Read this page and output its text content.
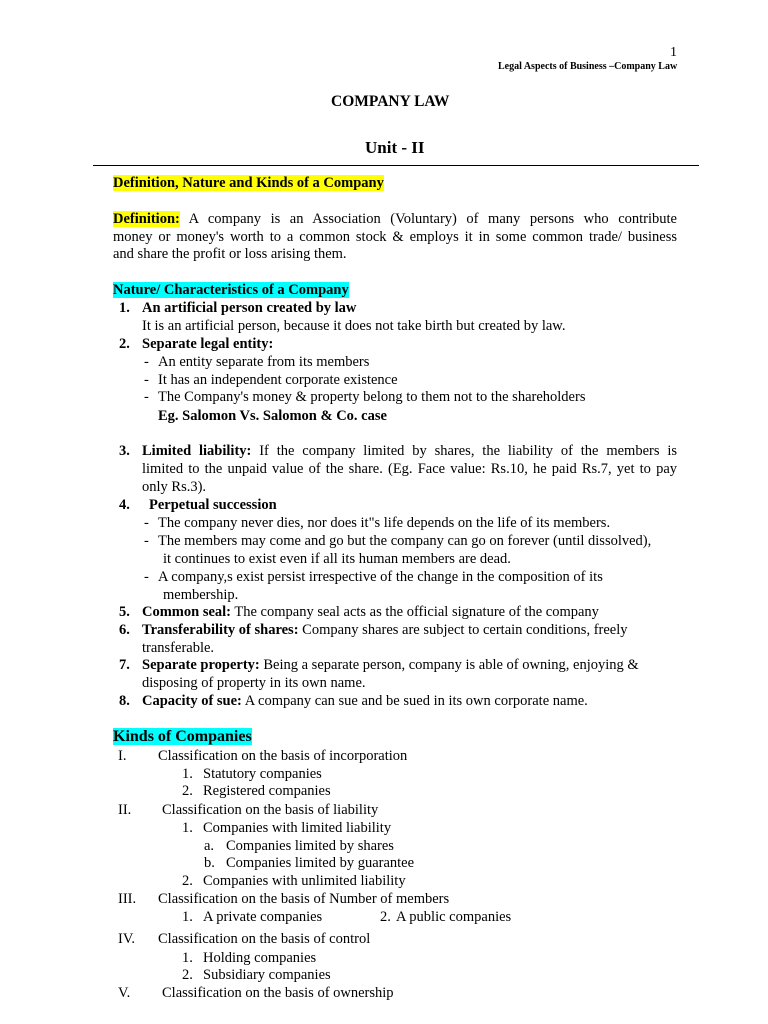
1
Legal Aspects of Business –Company Law
COMPANY LAW
Unit - II
Definition, Nature and Kinds of a Company
Definition: A company is an Association (Voluntary) of many persons who contribute
money or money's worth to a common stock & employs it in some common trade/ business
and share the profit or loss arising them.
Nature/ Characteristics of a Company
1. An artificial person created by law
It is an artificial person, because it does not take birth but created by law.
2. Separate legal entity:
- An entity separate from its members
- It has an independent corporate existence
- The Company's money & property belong to them not to the shareholders
Eg. Salomon Vs. Salomon & Co. case
3. Limited liability: If the company limited by shares, the liability of the members is
limited to the unpaid value of the share. (Eg. Face value: Rs.10, he paid Rs.7, yet to pay
only Rs.3).
4. Perpetual succession
- The company never dies, nor does it"s life depends on the life of its members.
- The members may come and go but the company can go on forever (until dissolved),
it continues to exist even if all its human members are dead.
- A company,s exist persist irrespective of the change in the composition of its
membership.
5. Common seal: The company seal acts as the official signature of the company
6. Transferability of shares: Company shares are subject to certain conditions, freely
transferable.
7. Separate property: Being a separate person, company is able of owning, enjoying &
disposing of property in its own name.
8. Capacity of sue: A company can sue and be sued in its own corporate name.
Kinds of Companies
I. Classification on the basis of incorporation
1. Statutory companies
2. Registered companies
II. Classification on the basis of liability
1. Companies with limited liability
a. Companies limited by shares
b. Companies limited by guarantee
2. Companies with unlimited liability
III. Classification on the basis of Number of members
1. A private companies	2. A public companies
IV. Classification on the basis of control
1. Holding companies
2. Subsidiary companies
V. Classification on the basis of ownership
